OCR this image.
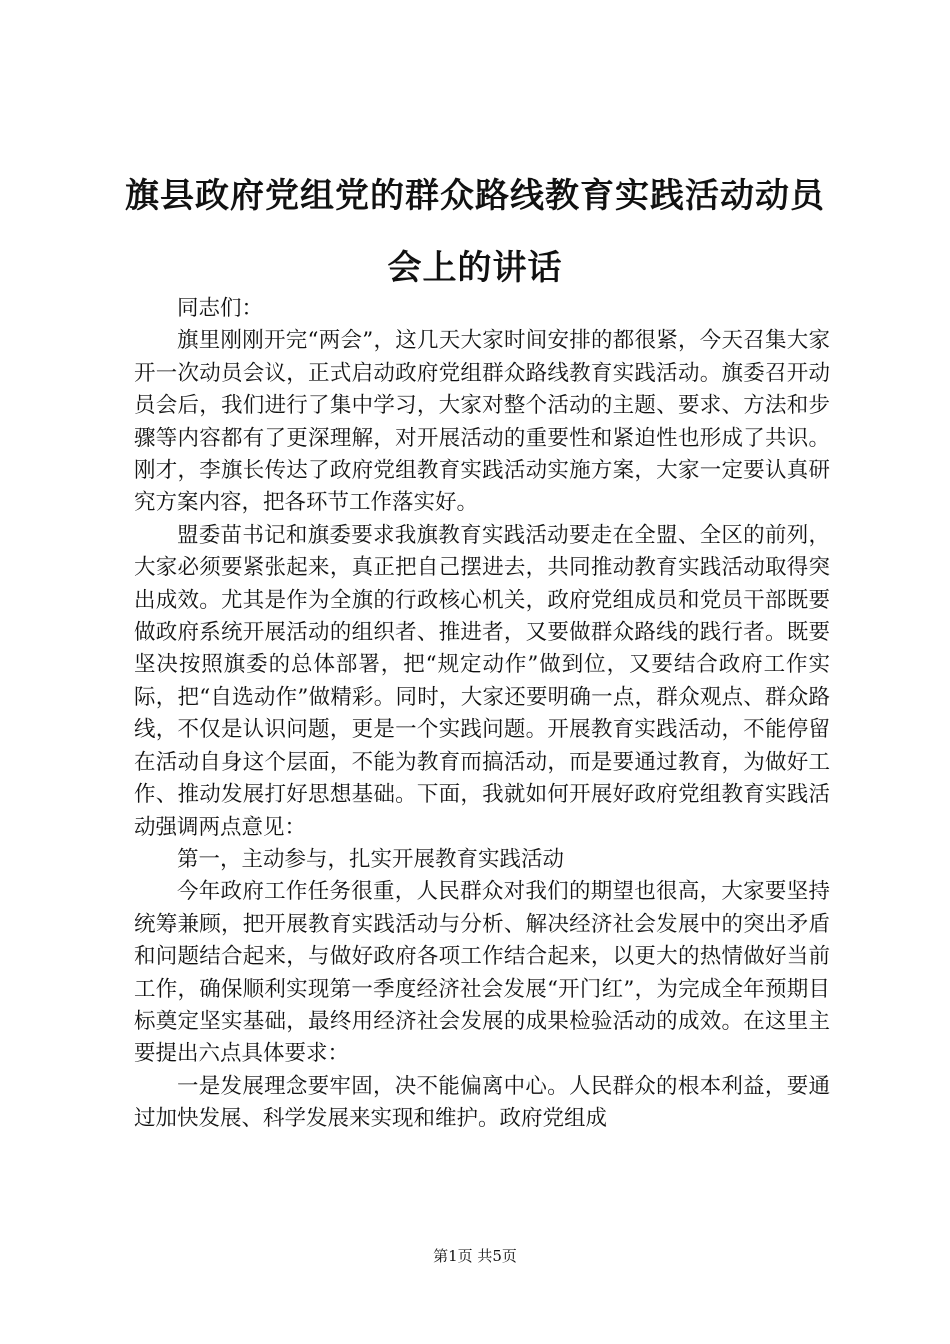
旗县政府党组党的群众路线教育实践活动动员会上的讲话

同志们：

旗里刚刚开完“两会”，这几天大家时间安排的都很紧，今天召集大家开一次动员会议，正式启动政府党组群众路线教育实践活动。旗委召开动员会后，我们进行了集中学习，大家对整个活动的主题、要求、方法和步骤等内容都有了更深理解，对开展活动的重要性和紧迫性也形成了共识。刚才，李旗长传达了政府党组教育实践活动实施方案，大家一定要认真研究方案内容，把各环节工作落实好。

盟委苗书记和旗委要求我旗教育实践活动要走在全盟、全区的前列，大家必须要紧张起来，真正把自己摆进去，共同推动教育实践活动取得突出成效。尤其是作为全旗的行政核心机关，政府党组成员和党员干部既要做政府系统开展活动的组织者、推进者，又要做群众路线的践行者。既要坚决按照旗委的总体部署，把“规定动作”做到位，又要结合政府工作实际，把“自选动作”做精彩。同时，大家还要明确一点，群众观点、群众路线，不仅是认识问题，更是一个实践问题。开展教育实践活动，不能停留在活动自身这个层面，不能为教育而搞活动，而是要通过教育，为做好工作、推动发展打好思想基础。下面，我就如何开展好政府党组教育实践活动强调两点意见：

第一，主动参与，扎实开展教育实践活动

今年政府工作任务很重，人民群众对我们的期望也很高，大家要坚持统筹兼顾，把开展教育实践活动与分析、解决经济社会发展中的突出矛盾和问题结合起来，与做好政府各项工作结合起来，以更大的热情做好当前工作，确保顺利实现第一季度经济社会发展“开门红”，为完成全年预期目标奠定坚实基础，最终用经济社会发展的成果检验活动的成效。在这里主要提出六点具体要求：

一是发展理念要牢固，决不能偏离中心。人民群众的根本利益，要通过加快发展、科学发展来实现和维护。政府党组成

第1页 共5页
